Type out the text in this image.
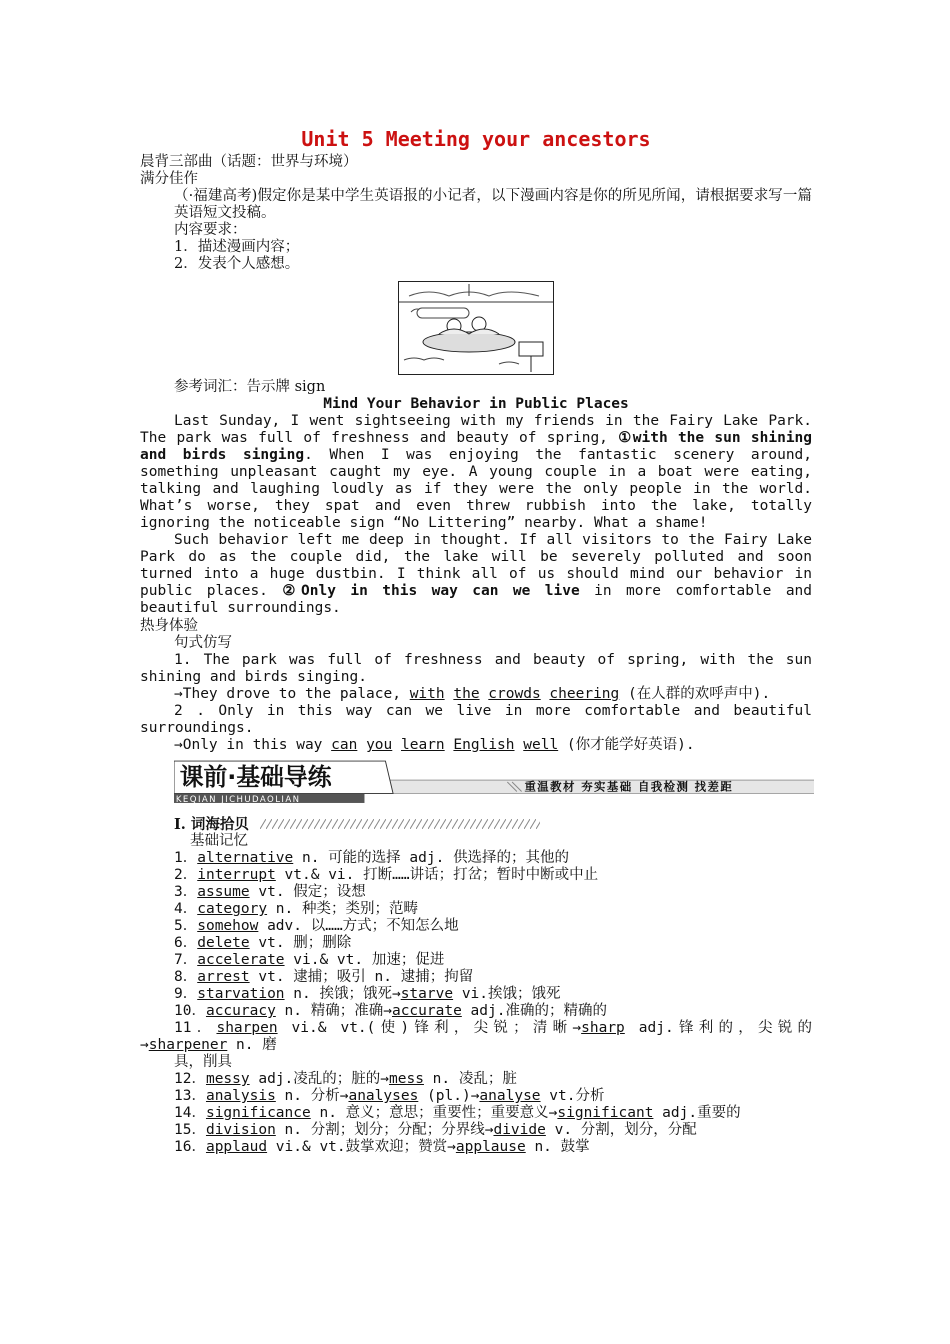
Unit 5 Meeting your ancestors

晨背三部曲（话题：世界与环境）

满分佳作

（·福建高考)假定你是某中学生英语报的小记者，以下漫画内容是你的所见所闻，请根据要求写一篇英语短文投稿。

内容要求：

1．描述漫画内容；

2．发表个人感想。

参考词汇：告示牌 sign

Mind Your Behavior in Public Places

Last Sunday, I went sightseeing with my friends in the Fairy Lake Park. The park was full of freshness and beauty of spring, ①with the sun shining and birds singing. When I was enjoying the fantastic scenery around, something unpleasant caught my eye. A young couple in a boat were eating, talking and laughing loudly as if they were the only people in the world. What’s worse, they spat and even threw rubbish into the lake, totally ignoring the noticeable sign “No Littering” nearby. What a shame!

Such behavior left me deep in thought. If all visitors to the Fairy Lake Park do as the couple did, the lake will be severely polluted and soon turned into a huge dustbin. I think all of us should mind our behavior in public places. ②Only in this way can we live in more comfortable and beautiful surroundings.

热身体验

句式仿写

1. The park was full of freshness and beauty of spring, with the sun shining and birds singing.

→They drove to the palace, with the crowds cheering (在人群的欢呼声中).

2 . Only in this way can we live in more comfortable and beautiful surroundings.

→Only in this way can you learn English well (你才能学好英语).

课前·基础导练
KEQIAN JICHUDAOLIAN
重温教材 夯实基础 自我检测 找差距

I. 词海拾贝

基础记忆

1．alternative n. 可能的选择 adj. 供选择的；其他的

2．interrupt vt.& vi. 打断……讲话；打岔；暂时中断或中止

3．assume vt. 假定；设想

4．category n. 种类；类别；范畴

5．somehow adv. 以……方式；不知怎么地

6．delete vt. 删；删除

7．accelerate vi.& vt. 加速；促进

8．arrest vt. 逮捕；吸引 n. 逮捕；拘留

9．starvation n. 挨饿；饿死→starve vi.挨饿；饿死

10．accuracy n. 精确；准确→accurate adj.准确的；精确的

11．sharpen vi.& vt.(使)锋利，尖锐；清晰→sharp adj.锋利的，尖锐的

→sharpener n. 磨

具，削具

12．messy adj.凌乱的；脏的→mess n. 凌乱；脏

13．analysis n. 分析→analyses (pl.)→analyse vt.分析

14．significance n. 意义；意思；重要性；重要意义→significant adj.重要的

15．division n. 分割；划分；分配；分界线→divide v. 分割，划分，分配

16．applaud vi.& vt.鼓掌欢迎；赞赏→applause n. 鼓掌
